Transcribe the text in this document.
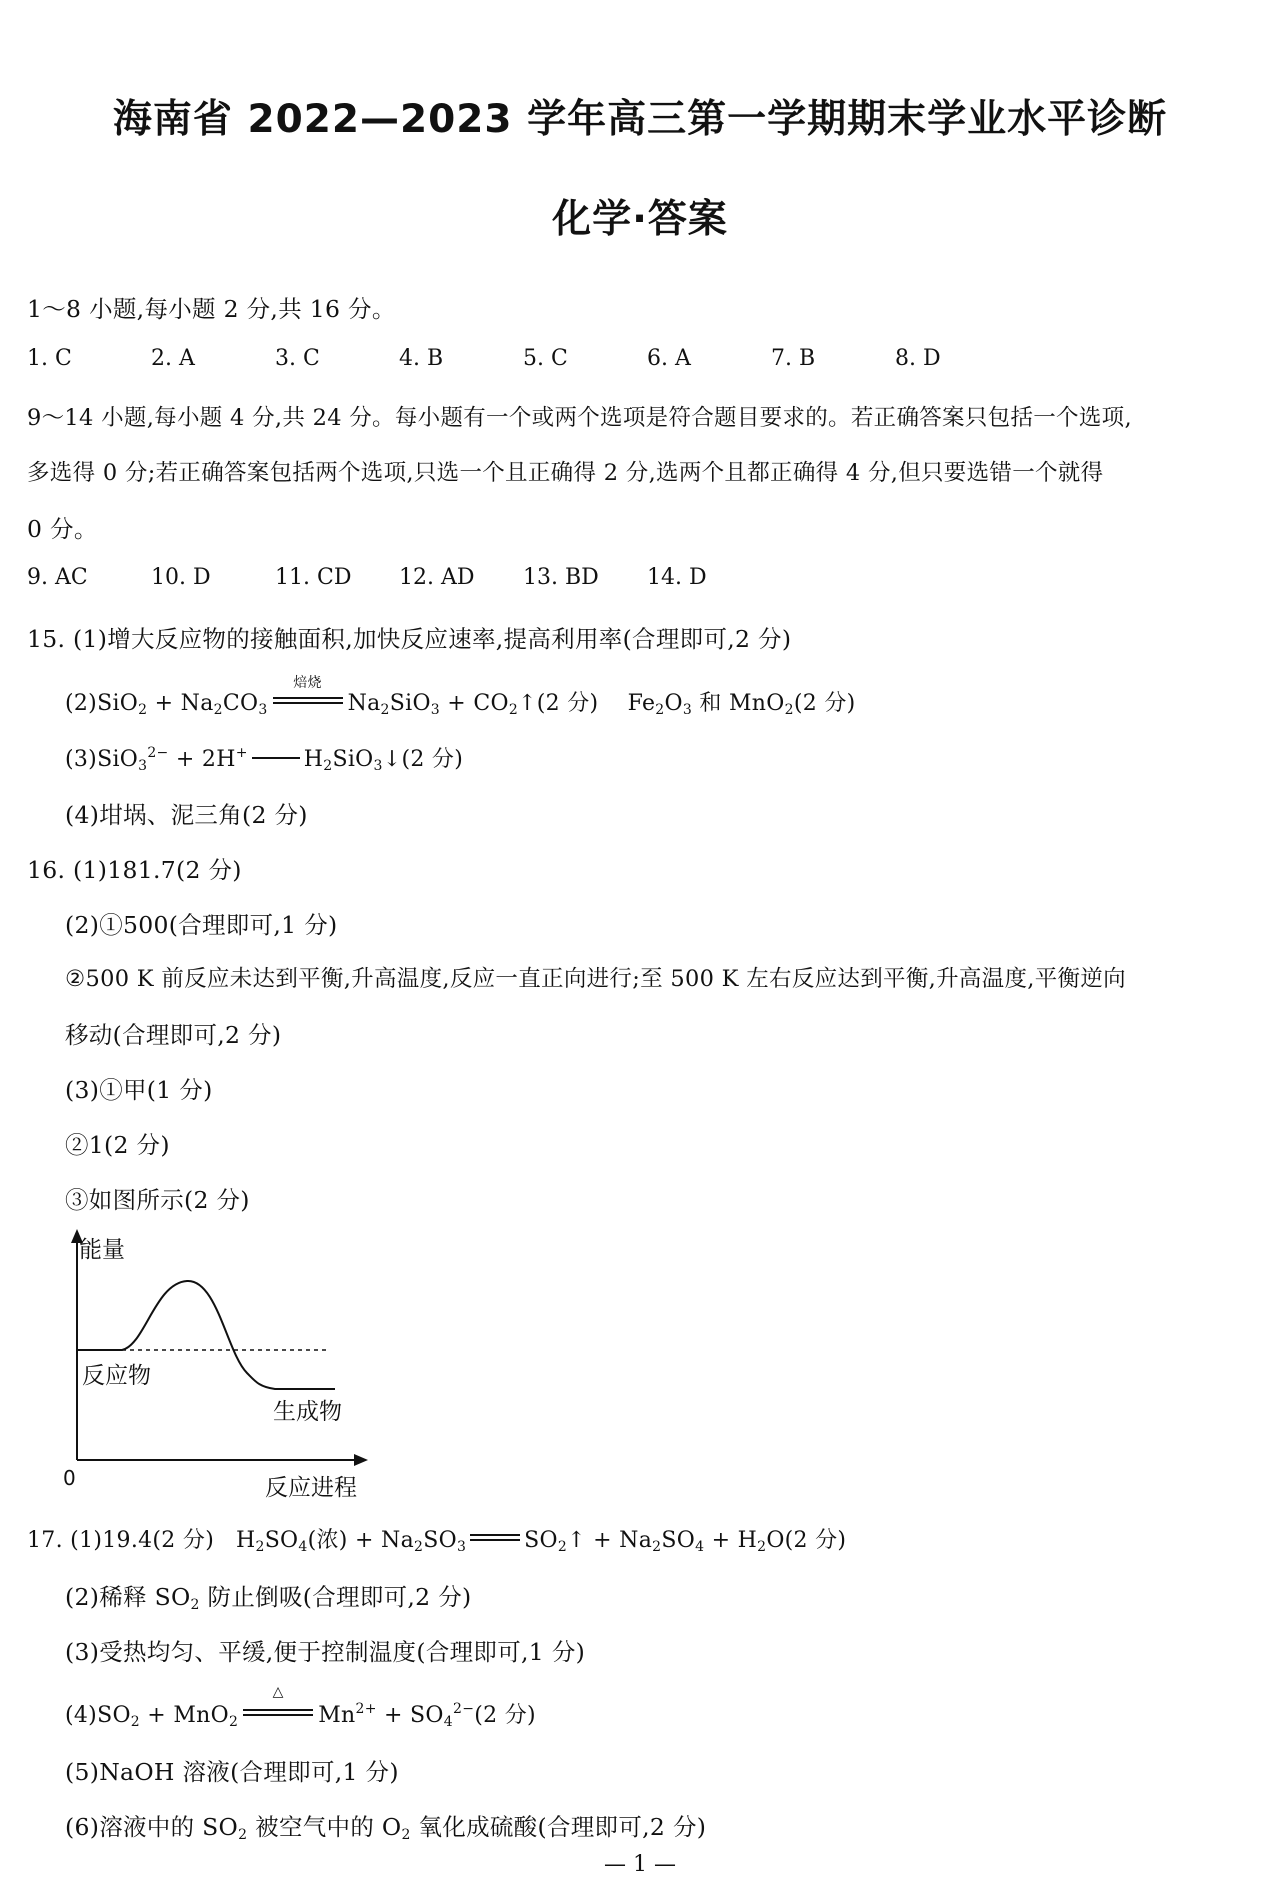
海南省 2022—2023 学年高三第一学期期末学业水平诊断
化学·答案
1～8 小题,每小题 2 分,共 16 分。
1. C	2. A	3. C	4. B	5. C	6. A	7. B	8. D
9～14 小题,每小题 4 分,共 24 分。每小题有一个或两个选项是符合题目要求的。若正确答案只包括一个选项,
多选得 0 分;若正确答案包括两个选项,只选一个且正确得 2 分,选两个且都正确得 4 分,但只要选错一个就得
0 分。
9. AC	10. D	11. CD 12. AD 13. BD 14. D
15. (1)增大反应物的接触面积,加快反应速率,提高利用率(合理即可,2 分)
$(2)SiO_2 + Na_2CO_3$
焙烧
$Na_2SiO_3$ + $CO_2↑(2$ 分)    $Fe_2O_3$ 和 MnO$_2$(2 分)
(3)SiO$_3^{2-}$ + 2H+	$H_2SiO_3↓(2$ 分)
(4)坩埚、泥三角(2 分)
16. (1)181.7(2 分)
(2)①500(合理即可,1 分)
②500 K 前反应未达到平衡,升高温度,反应一直正向进行;至 500 K 左右反应达到平衡,升高温度,平衡逆向
移动(合理即可,2 分)
(3)①甲(1 分)
②1(2 分)
③如图所示(2 分)
能量
反应物
生成物
0	反应进程
17. (1)19.4(2 分)   $H_2SO_4$(浓) + $Na_2SO_3$	$SO_2↑ + Na_2SO_4 + H_2O(2$ 分)
(2)稀释 $SO_2$ 防止倒吸(合理即可,2 分)
(3)受热均匀、平缓,便于控制温度(合理即可,1 分)
$(4)SO_2 + MnO_2$
△
$Mn^{2+} + SO_4^{2-}(2$ 分)
(5)NaOH 溶液(合理即可,1 分)
(6)溶液中的 $SO_2$ 被空气中的 $O_2$ 氧化成硫酸(合理即可,2 分)
— 1 —
